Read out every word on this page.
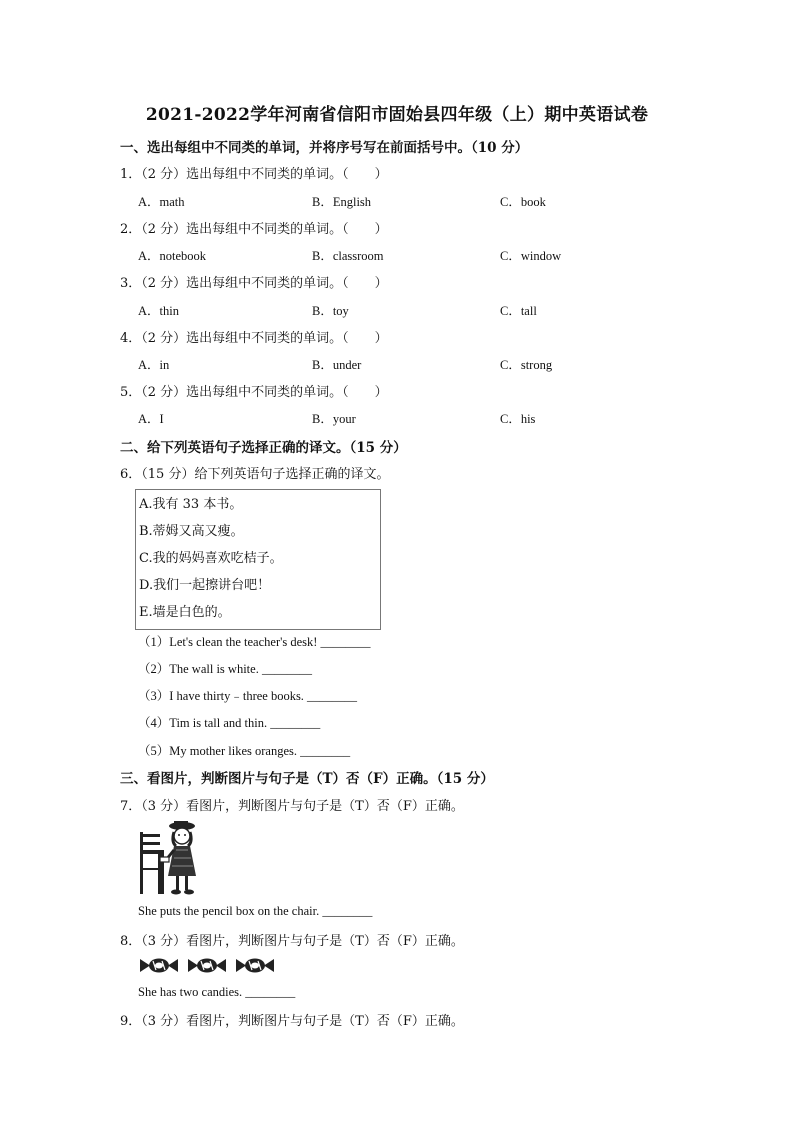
2021-2022学年河南省信阳市固始县四年级（上）期中英语试卷
一、选出每组中不同类的单词，并将序号写在前面括号中。（10 分）
1．（2 分）选出每组中不同类的单词。（　　）
A．math	B．English	C．book
2．（2 分）选出每组中不同类的单词。（　　）
A．notebook	B．classroom	C．window
3．（2 分）选出每组中不同类的单词。（　　）
A．thin	B．toy	C．tall
4．（2 分）选出每组中不同类的单词。（　　）
A．in	B．under	C．strong
5．（2 分）选出每组中不同类的单词。（　　）
A．I	B．your	C．his
二、给下列英语句子选择正确的译文。（15 分）
6．（15 分）给下列英语句子选择正确的译文。
A.我有 33 本书。
B.蒂姆又高又瘦。
C.我的妈妈喜欢吃桔子。
D.我们一起擦讲台吧！
E.墙是白色的。
（1）Let's clean the teacher's desk! ________
（2）The wall is white. ________
（3）I have thirty﹣three books. ________
（4）Tim is tall and thin. ________
（5）My mother likes oranges. ________
三、看图片，判断图片与句子是（T）否（F）正确。（15 分）
7．（3 分）看图片，判断图片与句子是（T）否（F）正确。
She puts the pencil box on the chair. ________
8．（3 分）看图片，判断图片与句子是（T）否（F）正确。
She has two candies. ________
9．（3 分）看图片，判断图片与句子是（T）否（F）正确。
